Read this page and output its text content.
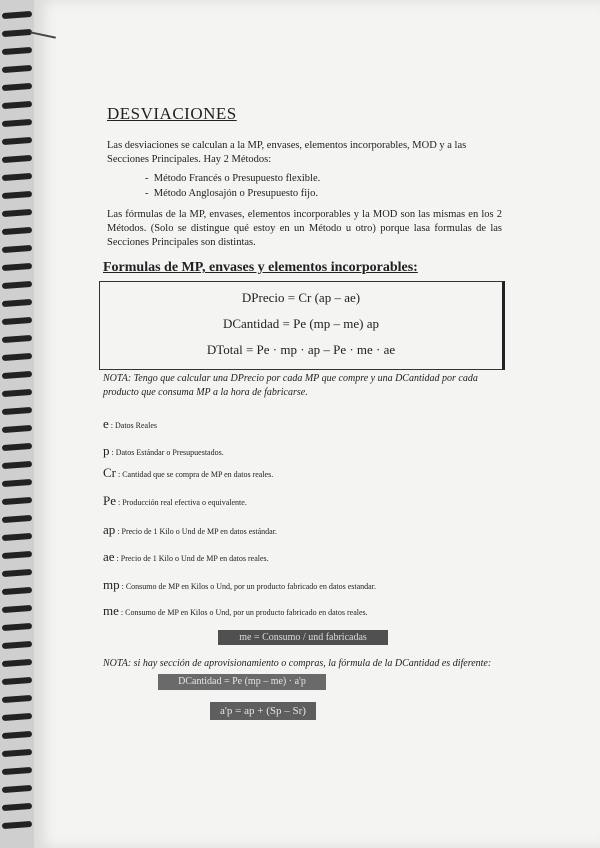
DESVIACIONES
Las desviaciones se calculan a la MP, envases, elementos incorporables, MOD y a las Secciones Principales. Hay 2 Métodos:
-  Método Francés o Presupuesto flexible.
-  Método Anglosajón o Presupuesto fijo.
Las fórmulas de la MP, envases, elementos incorporables y la MOD son las mismas en los 2 Métodos. (Solo se distingue qué estoy en un Método u otro) porque lasa formulas de las Secciones Principales son distintas.
Formulas de MP, envases y elementos incorporables:
DPrecio = Cr (ap – ae)
DCantidad = Pe (mp – me) ap
DTotal = Pe · mp · ap – Pe · me · ae
NOTA: Tengo que calcular una DPrecio por cada MP que compre y una DCantidad por cada producto que consuma MP a la hora de fabricarse.
e : Datos Reales
p : Datos Estándar o Presupuestados.
Cr : Cantidad que se compra de MP en datos reales.
Pe : Producción real efectiva o equivalente.
ap : Precio de 1 Kilo o Und de MP en datos estándar.
ae : Precio de 1 Kilo o Und de MP en datos reales.
mp : Consumo de MP en Kilos o Und, por un producto fabricado en datos estandar.
me : Consumo de MP en Kilos o Und, por un producto fabricado en datos reales.
me = Consumo / und fabricadas
NOTA: si hay sección de aprovisionamiento o compras, la fórmula de la DCantidad es diferente:
DCantidad = Pe (mp – me) · a'p
a'p = ap + (Sp – Sr)
